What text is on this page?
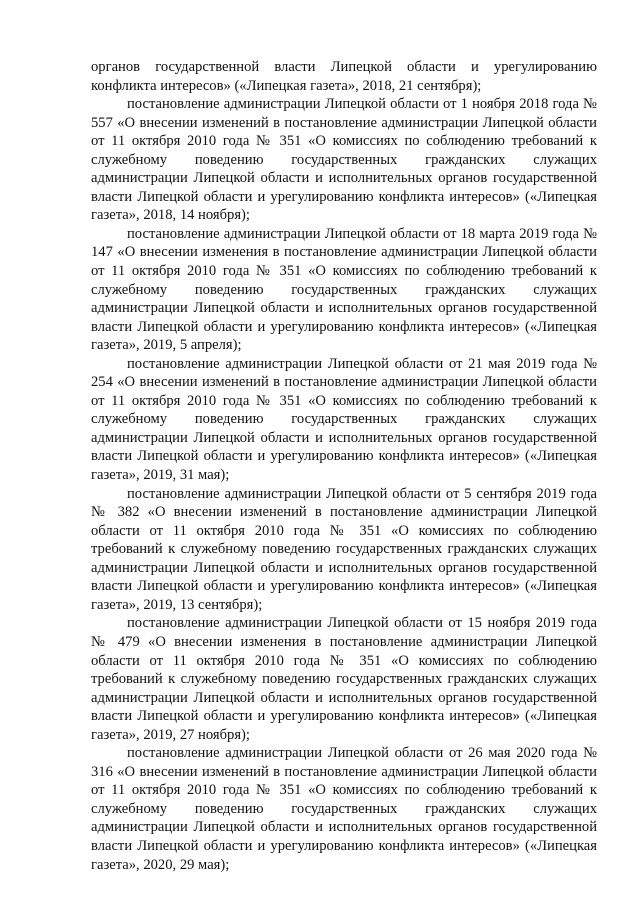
органов государственной власти Липецкой области и урегулированию конфликта интересов» («Липецкая газета», 2018, 21 сентября);

постановление администрации Липецкой области от 1 ноября 2018 года № 557 «О внесении изменений в постановление администрации Липецкой области от 11 октября 2010 года № 351 «О комиссиях по соблюдению требований к служебному поведению государственных гражданских служащих администрации Липецкой области и исполнительных органов государственной власти Липецкой области и урегулированию конфликта интересов» («Липецкая газета», 2018, 14 ноября);

постановление администрации Липецкой области от 18 марта 2019 года № 147 «О внесении изменения в постановление администрации Липецкой области от 11 октября 2010 года № 351 «О комиссиях по соблюдению требований к служебному поведению государственных гражданских служащих администрации Липецкой области и исполнительных органов государственной власти Липецкой области и урегулированию конфликта интересов» («Липецкая газета», 2019, 5 апреля);

постановление администрации Липецкой области от 21 мая 2019 года № 254 «О внесении изменений в постановление администрации Липецкой области от 11 октября 2010 года № 351 «О комиссиях по соблюдению требований к служебному поведению государственных гражданских служащих администрации Липецкой области и исполнительных органов государственной власти Липецкой области и урегулированию конфликта интересов» («Липецкая газета», 2019, 31 мая);

постановление администрации Липецкой области от 5 сентября 2019 года № 382 «О внесении изменений в постановление администрации Липецкой области от 11 октября 2010 года № 351 «О комиссиях по соблюдению требований к служебному поведению государственных гражданских служащих администрации Липецкой области и исполнительных органов государственной власти Липецкой области и урегулированию конфликта интересов» («Липецкая газета», 2019, 13 сентября);

постановление администрации Липецкой области от 15 ноября 2019 года № 479 «О внесении изменения в постановление администрации Липецкой области от 11 октября 2010 года № 351 «О комиссиях по соблюдению требований к служебному поведению государственных гражданских служащих администрации Липецкой области и исполнительных органов государственной власти Липецкой области и урегулированию конфликта интересов» («Липецкая газета», 2019, 27 ноября);

постановление администрации Липецкой области от 26 мая 2020 года № 316 «О внесении изменений в постановление администрации Липецкой области от 11 октября 2010 года № 351 «О комиссиях по соблюдению требований к служебному поведению государственных гражданских служащих администрации Липецкой области и исполнительных органов государственной власти Липецкой области и урегулированию конфликта интересов» («Липецкая газета», 2020, 29 мая);
